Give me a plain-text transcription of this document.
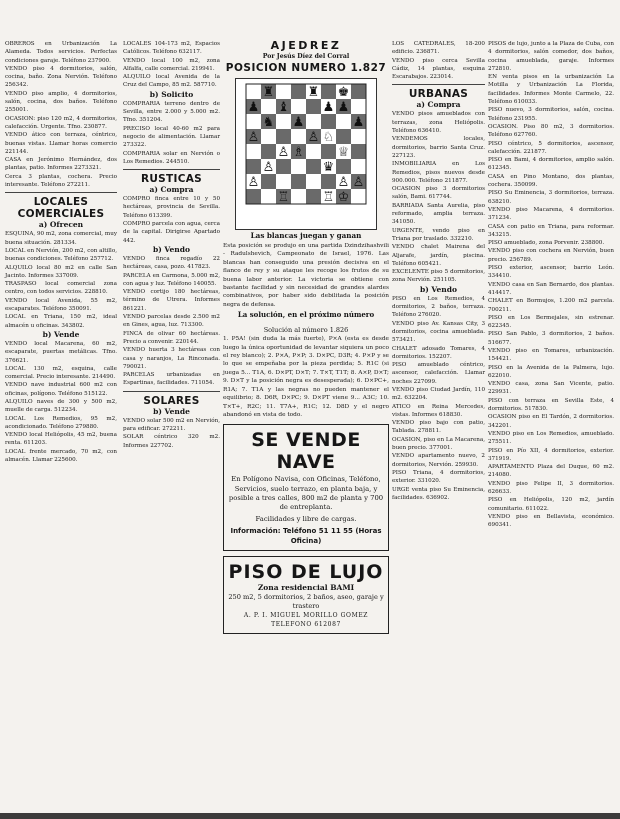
OBREROS en Urbanización La Alameda. Todos servicios. Perfectas condiciones garaje. Teléfono 237900.

VENDO piso 4 dormitorios, salón, cocina, baño. Zona Nervión. Teléfono 256342.

VENDO piso amplio, 4 dormitorios, salón, cocina, dos baños. Teléfono 255001.

OCASION: piso 120 m2, 4 dormitorios, calefacción. Urgente. Tfno. 230877.

VENDO ático con terraza, céntrico, buenas vistas. Llamar horas comercio 221144.

CASA en Jerónimo Hernández, dos plantas, patio. Informes 2273321.

Cerca 3 plantas, cochera. Precio interesante. Teléfono 272211.

LOCALES COMERCIALES
a) Ofrecen

ESQUINA, 90 m2, zona comercial, muy buena situación. 281334.

LOCAL en Nervión, 200 m2, con altillo, buenas condiciones. Teléfono 257712.

ALQUILO local 80 m2 en calle San Jacinto. Informes 337009.

TRASPASO local comercial zona centro, con todos servicios. 228810.

VENDO local Avenida, 55 m2, escaparates. Teléfono 350091.

LOCAL en Triana, 150 m2, ideal almacén u oficinas. 343802.

b) Vende

VENDO local Macarena, 60 m2, escaparate, puertas metálicas. Tfno. 376621.

LOCAL 130 m2, esquina, calle comercial. Precio interesante. 214490.

VENDO nave industrial 600 m2 con oficinas, polígono. Teléfono 515122.

ALQUILO naves de 300 y 500 m2, muelle de carga. 512234.

LOCAL Los Remedios, 95 m2, acondicionado. Teléfono 279880.

VENDO local Heliópolis, 45 m2, buena renta. 611203.

LOCAL frente mercado, 70 m2, con almacén. Llamar 225600.

LOCALES 104-173 m2, Espacios Católicos. Teléfono 632117.

VENDO local 100 m2, zona Alfalfa, calle comercial. 219941.

ALQUILO local Avenida de la Cruz del Campo, 85 m2. 587710.

b) Solicito

COMPRARIA terreno dentro de Sevilla, entre 2.000 y 5.000 m2. Tfno. 351204.

PRECISO local 40-60 m2 para negocio de alimentación. Llamar 273322.

COMPRARIA solar en Nervión o Los Remedios. 244510.

RUSTICAS
a) Compra

COMPRO finca entre 10 y 50 hectáreas, provincia de Sevilla. Teléfono 613399.

COMPRO parcela con agua, cerca de la capital. Dirigirse Apartado 442.

b) Vendo

VENDO finca regadío 22 hectáreas, casa, pozo. 417823.

PARCELA en Carmona, 5.000 m2, con agua y luz. Teléfono 140055.

VENDO cortijo 180 hectáreas, término de Utrera. Informes 861221.

VENDO parcelas desde 2.500 m2 en Gines, agua, luz. 713300.

FINCA de olivar 60 hectáreas. Precio a convenir. 220144.

VENDO huerta 3 hectáreas con casa y naranjos, La Rinconada. 790021.

PARCELAS urbanizadas en Espartinas, facilidades. 711054.

SOLARES
b) Vende

VENDO solar 500 m2 en Nervión, para edificar. 272211.

SOLAR céntrico 320 m2. Informes 227702.

AJEDREZ
Por Jesús Díez del Corral
POSICION NUMERO 1.827
♜	♜ ♚
♟ ♝	♟ ♟
♞ ♟	♟
♙	♙ ♘
♙ ♗	♕
♙	♛
♙	♙ ♙
♖	♖ ♔
Las blancas juegan y ganan
Esta posición se produjo en una partida Dzindzihashvili - Radulshevich, Campeonato de Israel, 1976. Las blancas han conseguido una presión decisiva en el flanco de rey y su ataque les recoge los frutos de su buena labor anterior. La victoria se obtiene con bastante facilidad y sin necesidad de grandes alardes combinativos, por haber sido debilitada la posición negra de defensa.
La solución, en el próximo número
Solución al número 1.826
1. P5A! (sin duda la más fuerte), P×A (esta es desde luego la única oportunidad de levantar siquiera un poco el rey blanco); 2. P×A, P×P; 3. D×PC, D3R; 4. P×P y se lo que se empeñaba por la pieza perdida; 5. R1C (si juega 5... T1A, 6. D×PT, D×T; 7. T×T, T1T; 8. A×P, D×T; 9. D×T y la posición negra es desesperada); 6. D×PC+, R1A; 7. T1A y las negras no pueden mantener el equilibrio; 8. D6R, D×PC; 9. D×PT viene 9... A3C; 10. T×T+, R2C; 11. T7A+, R1C; 12. D8D y el negro abandonó en vista de todo.
SE VENDE NAVE
En Polígono Navisa, con Oficinas, Teléfono, Servicios, suelo terrazo, en planta baja, y posible a tres calles, 800 m2 de planta y 700 de entreplanta.
Facilidades y libre de cargas.
Información: Teléfono 51 11 55 (Horas Oficina)
PISO DE LUJO
Zona residencial BAMI
250 m2, 5 dormitorios, 2 baños, aseo, garaje y trastero
A. P. I. MIGUEL MORILLO GOMEZ TELEFONO 612087

LOS CATEDRALES, 18-200 edificio. 236871.

VENDO piso cerca Sevilla Cádiz, 14 plantas, esquina Escarabajos. 223014.

URBANAS
a) Compra

VENDO pisos amueblados con terrazas, zona Heliópolis. Teléfono 636410.

VENDEMOS locales, dormitorios, barrio Santa Cruz. 227123.

INMOBILIARIA en Los Remedios, pisos nuevos desde 900.000. Teléfono 211877.

OCASION piso 3 dormitorios salón, Bami. 617744.

BARRIADA Santa Aurelia, piso reformado, amplia terraza. 341050.

URGENTE, vendo piso en Triana por traslado. 332210.

VENDO chalet Mairena del Aljarafe, jardín, piscina. Teléfono 605421.

EXCELENTE piso 5 dormitorios, zona Nervión. 251105.

b) Vendo

PISO en Los Remedios, 4 dormitorios, 2 baños, terraza. Teléfono 276020.

VENDO piso Av. Kansas City, 3 dormitorios, cocina amueblada. 573421.

CHALET adosado Tomares, 4 dormitorios. 152207.

PISO amueblado céntrico, ascensor, calefacción. Llamar noches 227099.

VENDO piso Ciudad Jardín, 110 m2. 632204.

ATICO en Reina Mercedes, vistas. Informes 618830.

VENDO piso bajo con patio, Tablada. 278811.

OCASION, piso en La Macarena, buen precio. 377001.

VENDO apartamento nuevo, 2 dormitorios, Nervión. 259930.

PISO Triana, 4 dormitorios, exterior. 331020.

URGE venta piso Su Eminencia, facilidades. 636902.

PISOS de lujo, junto a la Plaza de Cuba, con 4 dormitorios, salón comedor, dos baños, cocina amueblada, garaje. Informes 272810.

EN venta pisos en la urbanización La Motilla y Urbanización La Florida, facilidades. Informes Monte Carmelo, 22. Teléfono 610033.

PISO nuevo, 3 dormitorios, salón, cocina. Teléfono 231955.

OCASION. Piso 80 m2, 3 dormitorios. Teléfono 627760.

PISO céntrico, 5 dormitorios, ascensor, calefacción. 221877.

PISO en Bami, 4 dormitorios, amplio salón. 612345.

CASA en Pino Montano, dos plantas, cochera. 350099.

PISO Su Eminencia, 3 dormitorios, terraza. 638210.

VENDO piso Macarena, 4 dormitorios. 371234.

CASA con patio en Triana, para reformar. 343215.

PISO amueblado, zona Porvenir. 238800.

VENDO piso con cochera en Nervión, buen precio. 256789.

PISO exterior, ascensor, barrio León. 334410.

VENDO casa en San Bernardo, dos plantas. 414417.

CHALET en Bormujos, 1.200 m2 parcela. 700211.

PISO en Los Bermejales, sin estrenar. 622345.

PISO San Pablo, 3 dormitorios, 2 baños. 516677.

VENDO piso en Tomares, urbanización. 154421.

PISO en la Avenida de la Palmera, lujo. 622010.

VENDO casa, zona San Vicente, patio. 229931.

PISO con terraza en Sevilla Este, 4 dormitorios. 517830.

OCASION piso en El Tardón, 2 dormitorios. 342201.

VENDO piso en Los Remedios, amueblado. 275511.

PISO en Pío XII, 4 dormitorios, exterior. 371919.

APARTAMENTO Plaza del Duque, 60 m2. 214080.

VENDO piso Felipe II, 3 dormitorios. 626633.

PISO en Heliópolis, 120 m2, jardín comunitario. 611022.

VENDO piso en Bellavista, económico. 690341.
